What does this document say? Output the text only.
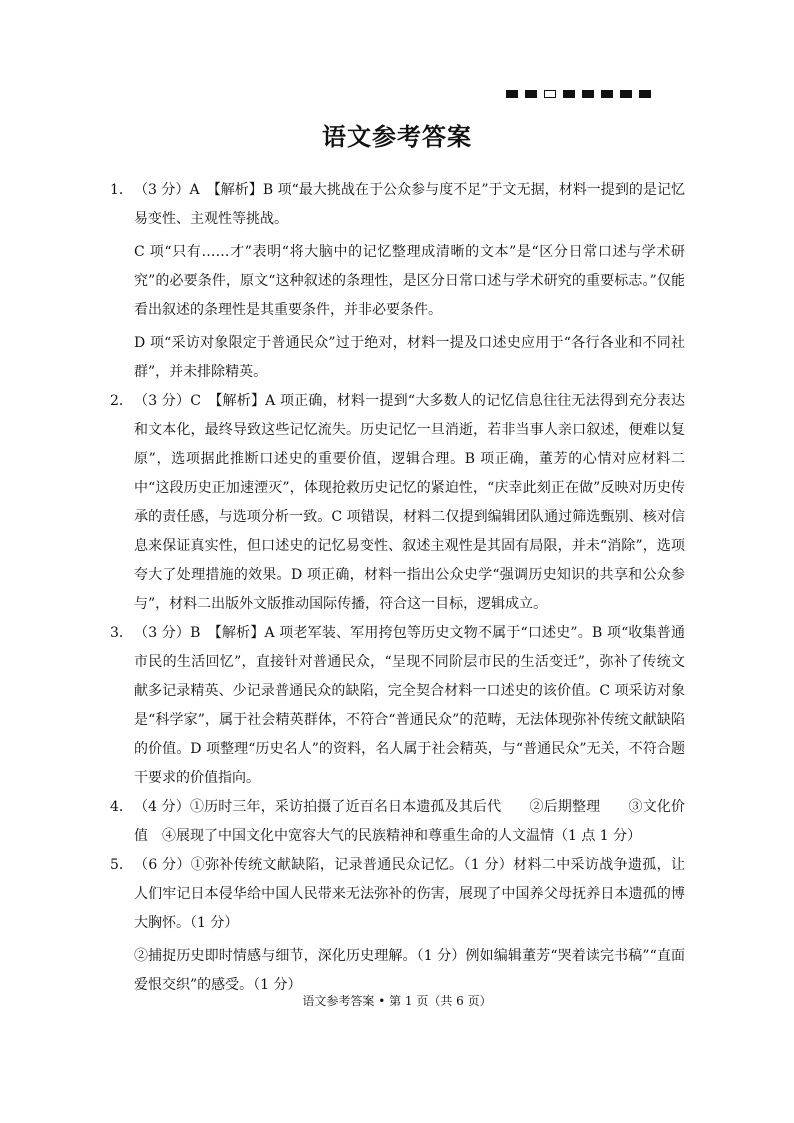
语文参考答案
1． （3 分）A　【解析】B 项“最大挑战在于公众参与度不足”于文无据，材料一提到的是记忆易变性、主观性等挑战。

C 项“只有……才”表明“将大脑中的记忆整理成清晰的文本”是“区分日常口述与学术研究”的必要条件，原文“这种叙述的条理性，是区分日常口述与学术研究的重要标志。”仅能看出叙述的条理性是其重要条件，并非必要条件。

D 项“采访对象限定于普通民众”过于绝对，材料一提及口述史应用于“各行各业和不同社群”，并未排除精英。

2． （3 分）C　【解析】A 项正确，材料一提到“大多数人的记忆信息往往无法得到充分表达和文本化，最终导致这些记忆流失。历史记忆一旦消逝，若非当事人亲口叙述，便难以复原”，选项据此推断口述史的重要价值，逻辑合理。B 项正确，董芳的心情对应材料二中“这段历史正加速湮灭”，体现抢救历史记忆的紧迫性，“庆幸此刻正在做”反映对历史传承的责任感，与选项分析一致。C 项错误，材料二仅提到编辑团队通过筛选甄别、核对信息来保证真实性，但口述史的记忆易变性、叙述主观性是其固有局限，并未“消除”，选项夸大了处理措施的效果。D 项正确，材料一指出公众史学“强调历史知识的共享和公众参与”，材料二出版外文版推动国际传播，符合这一目标，逻辑成立。

3． （3 分）B　【解析】A 项老军装、军用挎包等历史文物不属于“口述史”。B 项“收集普通市民的生活回忆”，直接针对普通民众，“呈现不同阶层市民的生活变迁”，弥补了传统文献多记录精英、少记录普通民众的缺陷，完全契合材料一口述史的该价值。C 项采访对象是“科学家”，属于社会精英群体，不符合“普通民众”的范畴，无法体现弥补传统文献缺陷的价值。D 项整理“历史名人”的资料，名人属于社会精英，与“普通民众”无关，不符合题干要求的价值指向。

4． （4 分）①历时三年，采访拍摄了近百名日本遗孤及其后代　　②后期整理　　③文化价值　④展现了中国文化中宽容大气的民族精神和尊重生命的人文温情（1 点 1 分）

5． （6 分）①弥补传统文献缺陷，记录普通民众记忆。（1 分）材料二中采访战争遗孤，让人们牢记日本侵华给中国人民带来无法弥补的伤害，展现了中国养父母抚养日本遗孤的博大胸怀。（1 分）

②捕捉历史即时情感与细节，深化历史理解。（1 分）例如编辑董芳“哭着读完书稿”“直面爱恨交织”的感受。（1 分）

语文参考答案 • 第 1 页（共 6 页）
